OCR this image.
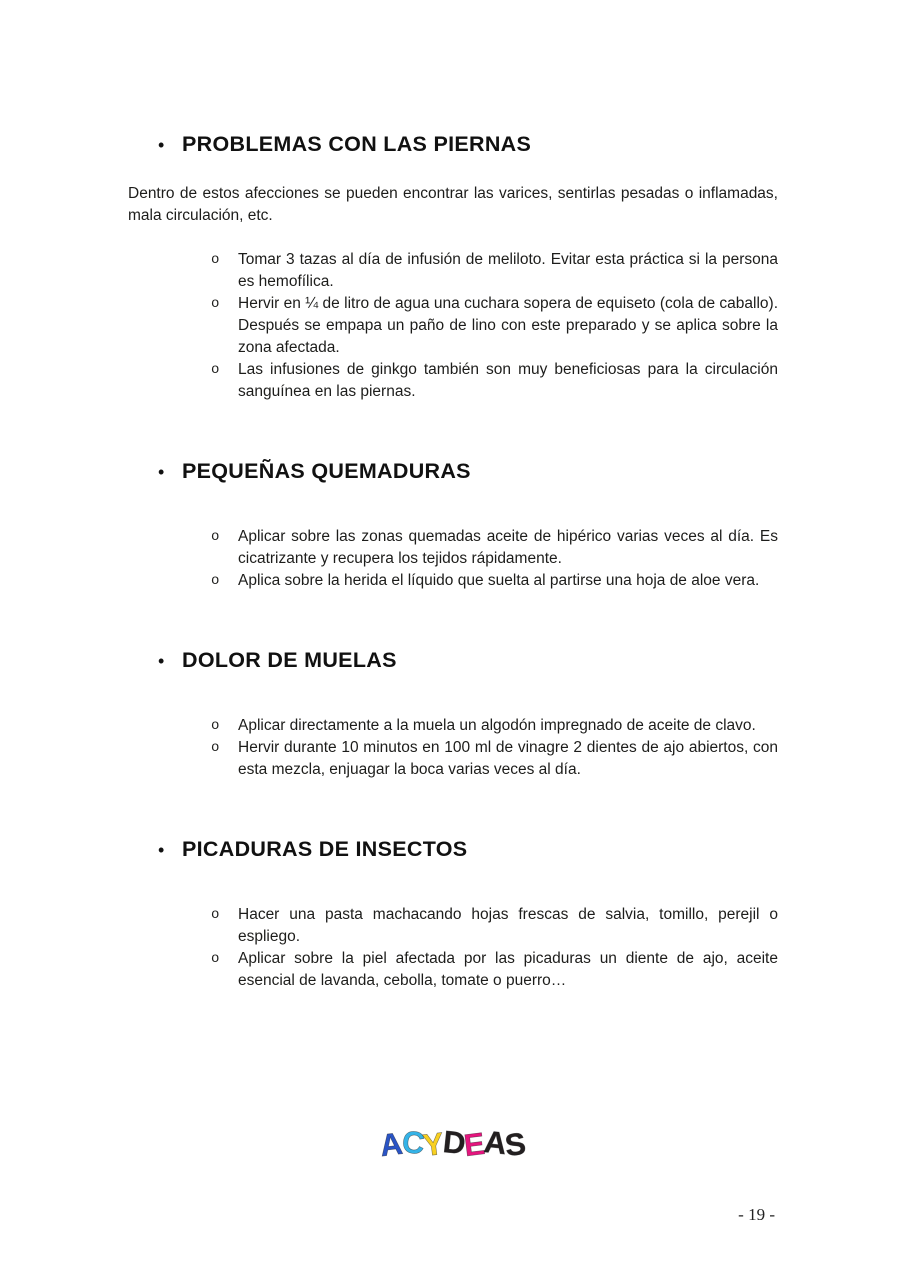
• PROBLEMAS CON LAS PIERNAS

Dentro de estos afecciones se pueden encontrar las varices, sentirlas pesadas o inflamadas, mala circulación, etc.

o	Tomar 3 tazas al día de infusión de meliloto. Evitar esta práctica si la persona es hemofílica.
o	Hervir en ¼ de litro de agua una cuchara sopera de equiseto (cola de caballo). Después se empapa un paño de lino con este preparado y se aplica sobre la zona afectada.
o	Las infusiones de ginkgo también son muy beneficiosas para la circulación sanguínea en las piernas.
• PEQUEÑAS QUEMADURAS
o	Aplicar sobre las zonas quemadas aceite de hipérico varias veces al día. Es cicatrizante y recupera los tejidos rápidamente.
o	Aplica sobre la herida el líquido que suelta al partirse una hoja de aloe vera.
• DOLOR DE MUELAS
o	Aplicar directamente a la muela un algodón impregnado de aceite de clavo.
o	Hervir durante 10 minutos en 100 ml de vinagre 2 dientes de ajo abiertos, con esta mezcla, enjuagar la boca varias veces al día.
• PICADURAS DE INSECTOS
o	Hacer una pasta machacando hojas frescas de salvia, tomillo, perejil o espliego.
o	Aplicar sobre la piel afectada por las picaduras un diente de ajo, aceite esencial de lavanda, cebolla, tomate o puerro…
ACYDEAS
- 19 -
